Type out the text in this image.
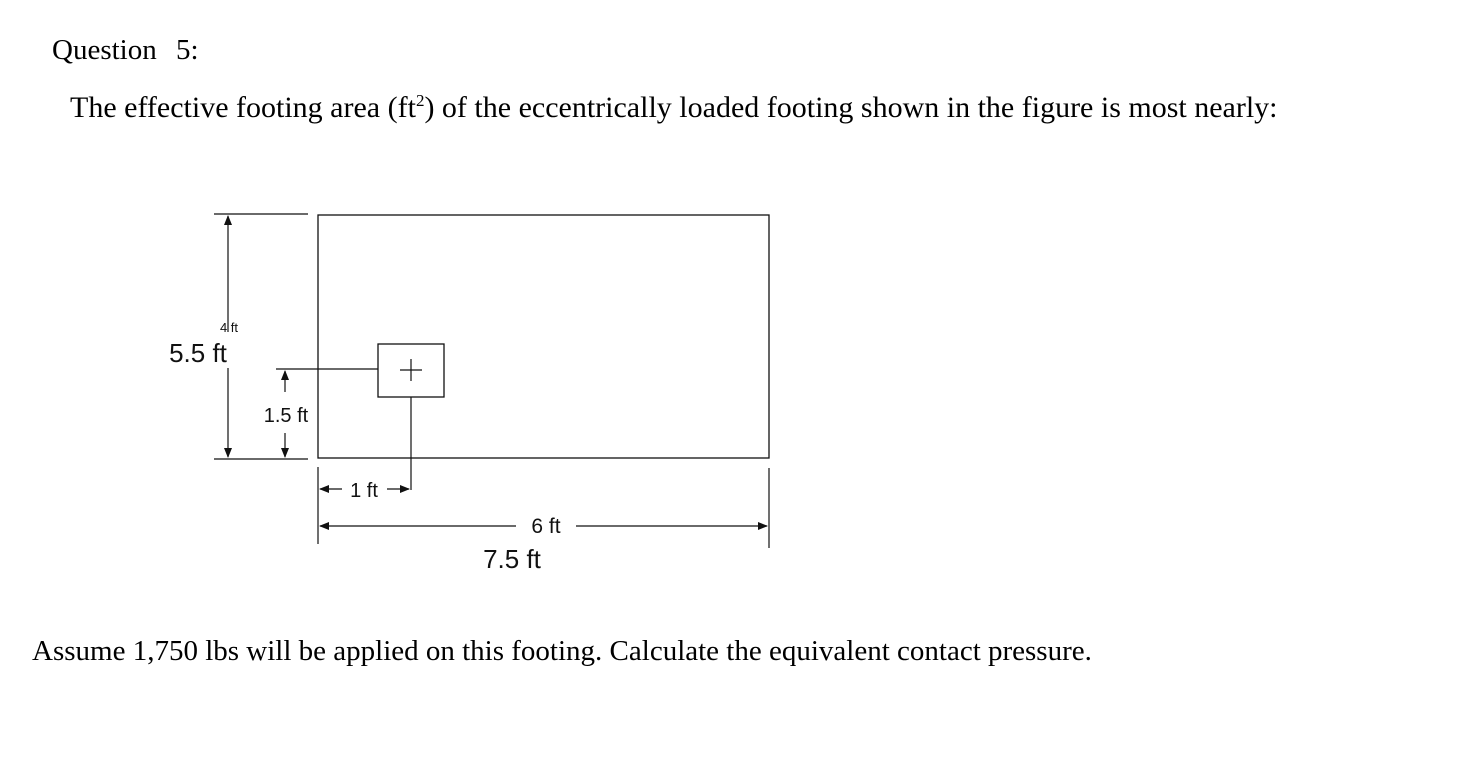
Question 5:

The effective footing area $(ft^2)$ of the eccentrically loaded footing shown in the figure is most nearly:

4 ft
5.5 ft
1.5 ft
1 ft
6 ft
7.5 ft

Assume 1,750 lbs will be applied on this footing. Calculate the equivalent contact pressure.
